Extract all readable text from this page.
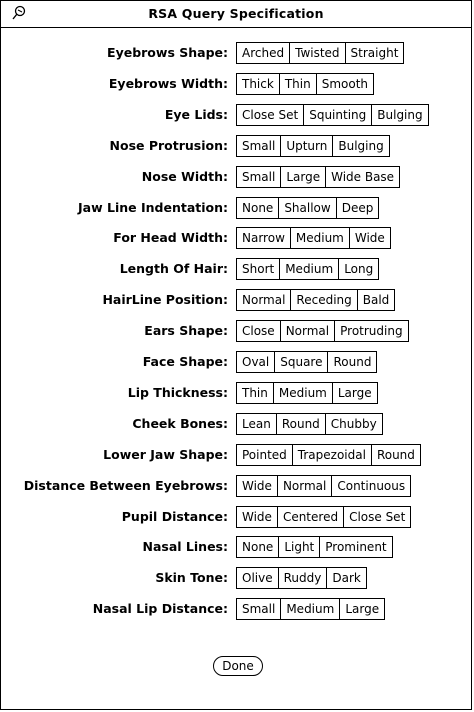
RSA Query Specification
Eyebrows Shape:	Arched Twisted Straight
Eyebrows Width:	Thick Thin Smooth
Eye Lids:	Close Set Squinting Bulging
Nose Protrusion:	Small Upturn Bulging
Nose Width:	Small Large Wide Base
Jaw Line Indentation:	None Shallow Deep
For Head Width:	Narrow Medium Wide
Length Of Hair:	Short Medium Long
HairLine Position:	Normal Receding Bald
Ears Shape:	Close Normal Protruding
Face Shape:	Oval Square Round
Lip Thickness:	Thin Medium Large
Cheek Bones:	Lean Round Chubby
Lower Jaw Shape:	Pointed Trapezoidal Round
Distance Between Eyebrows:	Wide Normal Continuous
Pupil Distance:	Wide Centered Close Set
Nasal Lines:	None Light Prominent
Skin Tone:	Olive Ruddy Dark
Nasal Lip Distance:	Small Medium Large
Done
